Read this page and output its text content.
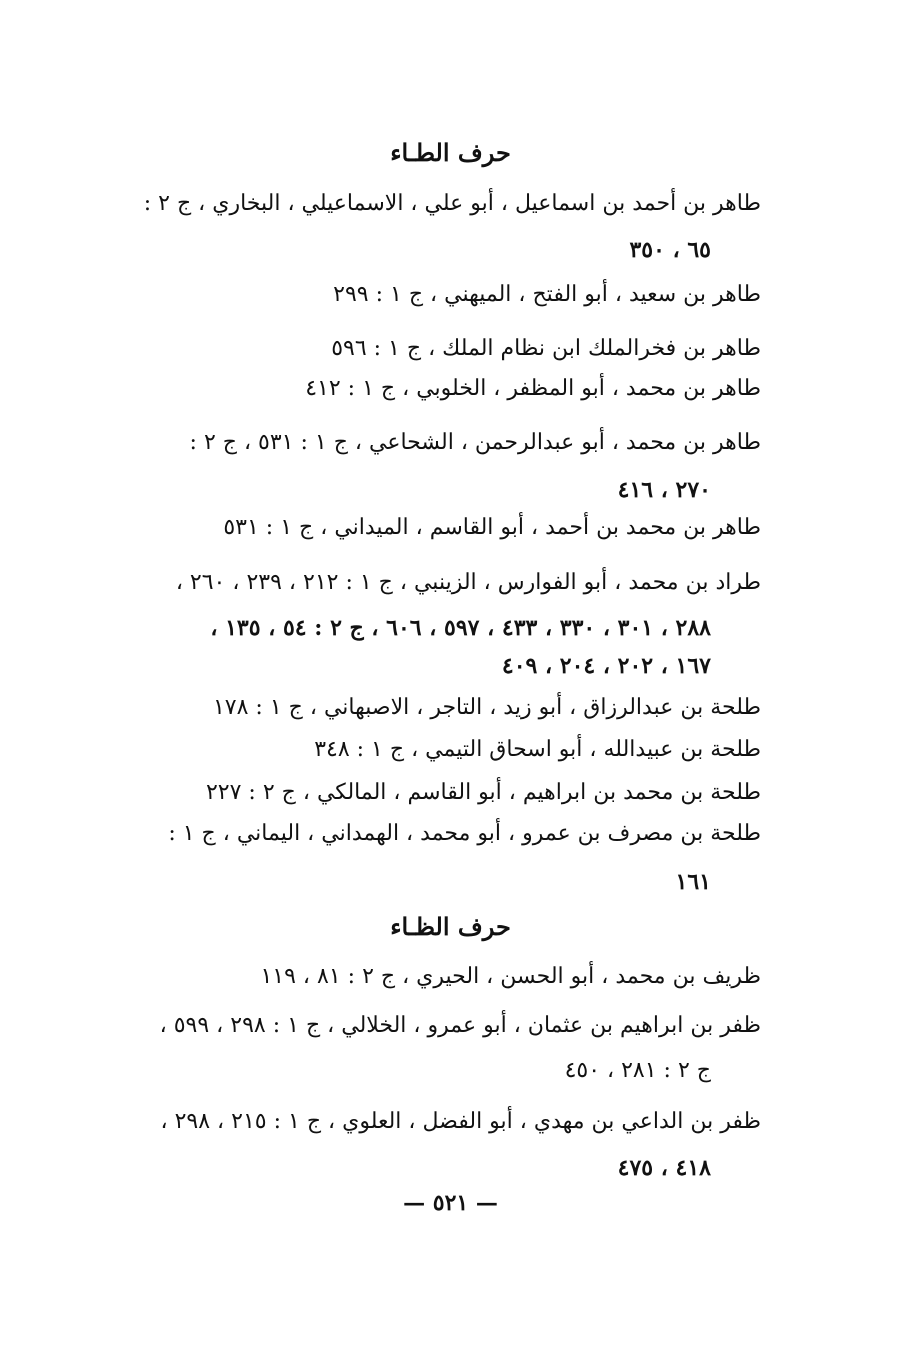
حرف الطـاء
طاهر بن أحمد بن اسماعيل ، أبو علي ، الاسماعيلي ، البخاري ، ج ٢ :
٦٥ ، ٣٥٠
طاهر بن سعيد ، أبو الفتح ، الميهني ، ج ١ : ٢٩٩
طاهر بن فخرالملك ابن نظام الملك ، ج ١ : ٥٩٦
طاهر بن محمد ، أبو المظفر ، الخلوبي ، ج ١ : ٤١٢
طاهر بن محمد ، أبو عبدالرحمن ، الشحاعي ، ج ١ : ٥٣١ ، ج ٢ :
٢٧٠ ، ٤١٦
طاهر بن محمد بن أحمد ، أبو القاسم ، الميداني ، ج ١ : ٥٣١
طراد بن محمد ، أبو الفوارس ، الزينبي ، ج ١ : ٢١٢ ، ٢٣٩ ، ٢٦٠ ،
٢٨٨ ، ٣٠١ ، ٣٣٠ ، ٤٣٣ ، ٥٩٧ ، ٦٠٦ ، ج ٢ : ٥٤ ، ١٣٥ ،
١٦٧ ، ٢٠٢ ، ٢٠٤ ، ٤٠٩
طلحة بن عبدالرزاق ، أبو زيد ، التاجر ، الاصبهاني ، ج ١ : ١٧٨
طلحة بن عبيدالله ، أبو اسحاق التيمي ، ج ١ : ٣٤٨
طلحة بن محمد بن ابراهيم ، أبو القاسم ، المالكي ، ج ٢ : ٢٢٧
طلحة بن مصرف بن عمرو ، أبو محمد ، الهمداني ، اليماني ، ج ١ :
١٦١
حرف الظـاء
ظريف بن محمد ، أبو الحسن ، الحيري ، ج ٢ : ٨١ ، ١١٩
ظفر بن ابراهيم بن عثمان ، أبو عمرو ، الخلالي ، ج ١ : ٢٩٨ ، ٥٩٩ ،
ج ٢ : ٢٨١ ، ٤٥٠
ظفر بن الداعي بن مهدي ، أبو الفضل ، العلوي ، ج ١ : ٢١٥ ، ٢٩٨ ،
٤١٨ ، ٤٧٥
— ٥٢١ —
